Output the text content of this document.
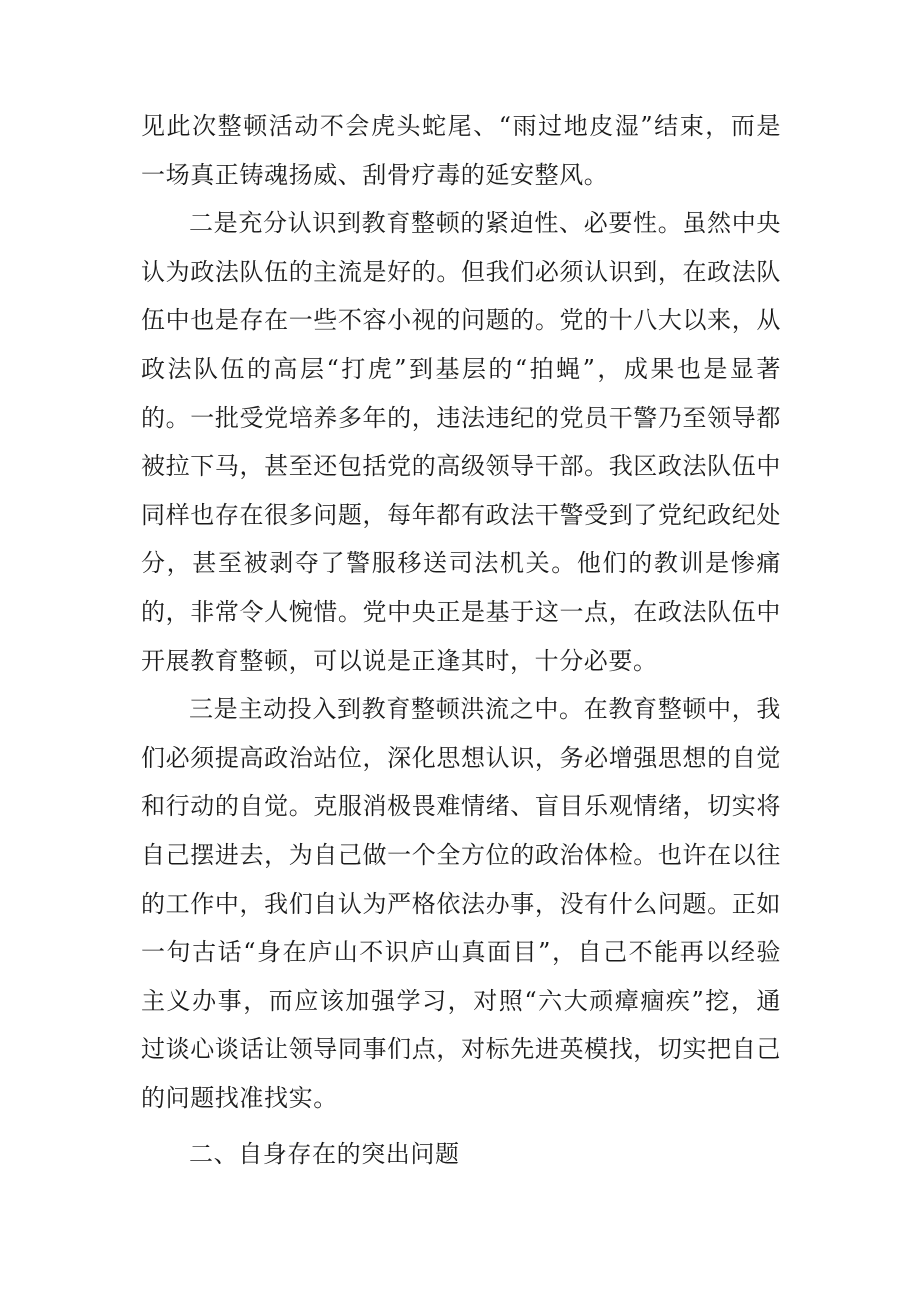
见此次整顿活动不会虎头蛇尾、“雨过地皮湿”结束，而是一场真正铸魂扬威、刮骨疗毒的延安整风。

二是充分认识到教育整顿的紧迫性、必要性。虽然中央认为政法队伍的主流是好的。但我们必须认识到，在政法队伍中也是存在一些不容小视的问题的。党的十八大以来，从政法队伍的高层“打虎”到基层的“拍蝇”，成果也是显著的。一批受党培养多年的，违法违纪的党员干警乃至领导都被拉下马，甚至还包括党的高级领导干部。我区政法队伍中同样也存在很多问题，每年都有政法干警受到了党纪政纪处分，甚至被剥夺了警服移送司法机关。他们的教训是惨痛的，非常令人惋惜。党中央正是基于这一点，在政法队伍中开展教育整顿，可以说是正逢其时，十分必要。

三是主动投入到教育整顿洪流之中。在教育整顿中，我们必须提高政治站位，深化思想认识，务必增强思想的自觉和行动的自觉。克服消极畏难情绪、盲目乐观情绪，切实将自己摆进去，为自己做一个全方位的政治体检。也许在以往的工作中，我们自认为严格依法办事，没有什么问题。正如一句古话“身在庐山不识庐山真面目”，自己不能再以经验主义办事，而应该加强学习，对照“六大顽瘴痼疾”挖，通过谈心谈话让领导同事们点，对标先进英模找，切实把自己的问题找准找实。

二、自身存在的突出问题
